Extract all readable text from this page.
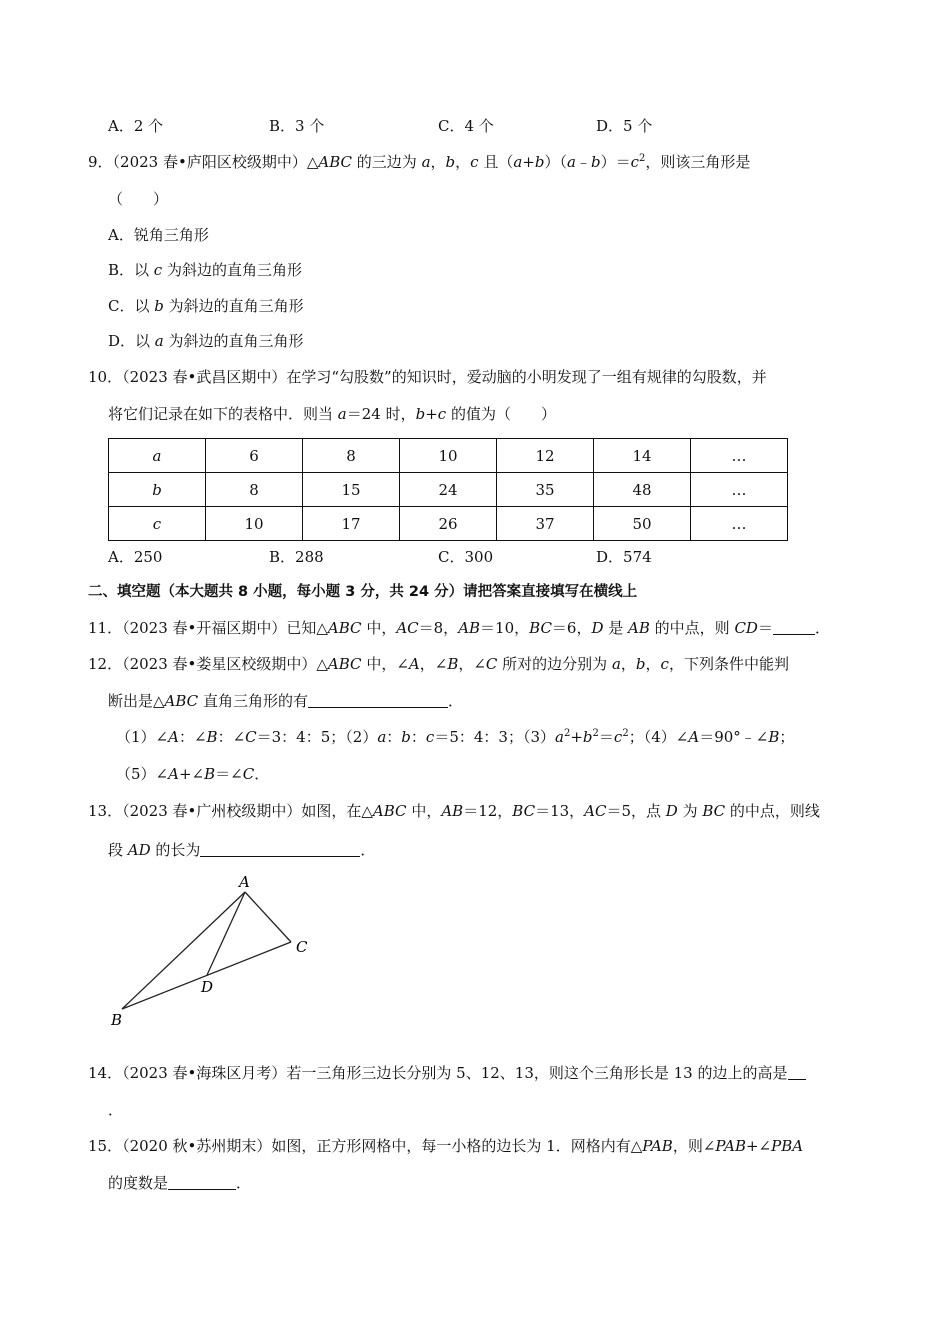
A．2 个	B．3 个	C．4 个	D．5 个
9．（2023 春•庐阳区校级期中）△ABC 的三边为 a，b，c 且$(a+b)(a﹣b)=c^2$，则该三角形是
（　　）
A．锐角三角形
B．以 c 为斜边的直角三角形
C．以 b 为斜边的直角三角形
D．以 a 为斜边的直角三角形
10．（2023 春•武昌区期中）在学习“勾股数”的知识时，爱动脑的小明发现了一组有规律的勾股数，并
将它们记录在如下的表格中．则当 a＝24 时，b+c 的值为（　　）
a	6	8	10	12	14	…
b	8	15	24	35	48	…
c	10	17	26	37	50	…
A．250	B．288	C．300	D．574
二、填空题（本大题共 8 小题，每小题 3 分，共 24 分）请把答案直接填写在横线上
11．（2023 春•开福区期中）已知△ABC 中，AC＝8，AB＝10，BC＝6，D 是 AB 的中点，则 CD＝	．
12．（2023 春•娄星区校级期中）△ABC 中，∠A，∠B，∠C 所对的边分别为 a，b，c，下列条件中能判
断出是△ABC 直角三角形的有	．
（1）∠A：∠B：∠C＝3：4：5；（2）a：b：c＝5：4：3；$(3)a^2+b^2=c^2$；（4）∠A＝90°﹣∠B；
（5）∠A+∠B＝∠C．
13．（2023 春•广州校级期中）如图，在△ABC 中，AB＝12，BC＝13，AC＝5，点 D 为 BC 的中点，则线
段 AD 的长为	．
A
B
C
D
14．（2023 春•海珠区月考）若一三角形三边长分别为 5、12、13，则这个三角形长是 13 的边上的高是
．
15．（2020 秋•苏州期末）如图，正方形网格中，每一小格的边长为 1．网格内有△PAB，则∠PAB+∠PBA
的度数是	．
